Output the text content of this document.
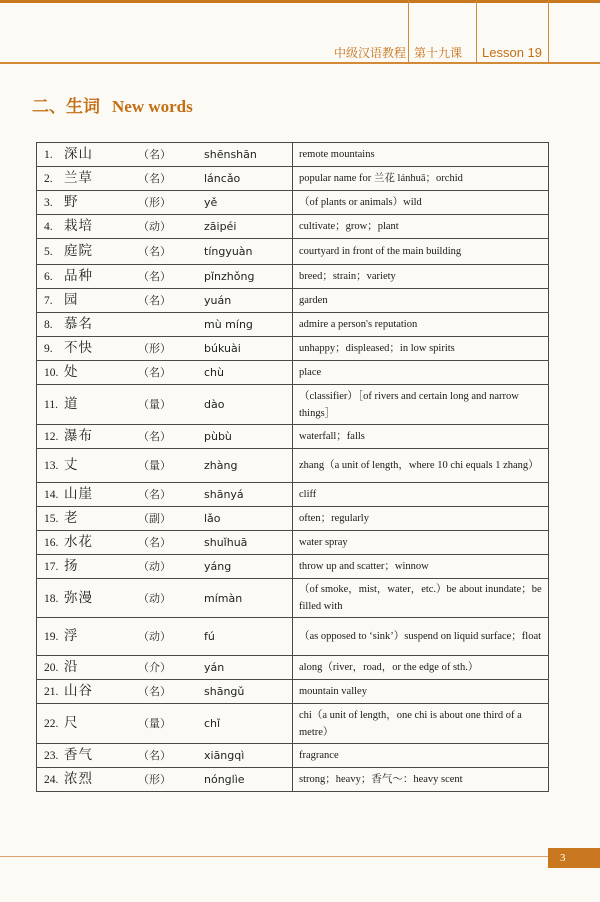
中级汉语教程 第十九课 Lesson 19
二、生词 New words
1. 深山 （名） shēnshān	remote mountains
2. 兰草 （名） láncǎo	popular name for 兰花 lánhuā；orchid
3. 野 （形） yě	（of plants or animals）wild
4. 栽培 （动） zāipéi	cultivate；grow；plant
5. 庭院 （名） tíngyuàn	courtyard in front of the main building
6. 品种 （名） pǐnzhǒng	breed；strain；variety
7. 园 （名） yuán	garden
8. 慕名 mù míng	admire a person's reputation
9. 不快 （形） búkuài	unhappy；displeased；in low spirits
10. 处 （名） chù	place
11. 道 （量） dào	（classifier）［of rivers and certain long and narrow things］
12. 瀑布 （名） pùbù	waterfall；falls
13. 丈 （量） zhàng	zhang（a unit of length，where 10 chi equals 1 zhang）
14. 山崖 （名） shānyá	cliff
15. 老 （副） lǎo	often；regularly
16. 水花 （名） shuǐhuā	water spray
17. 扬 （动） yáng	throw up and scatter；winnow
18. 弥漫 （动） mímàn	（of smoke，mist，water，etc.）be about inundate；be filled with
19. 浮 （动） fú	（as opposed to ‘sink’）suspend on liquid surface；float
20. 沿 （介） yán	along（river，road，or the edge of sth.）
21. 山谷 （名） shāngǔ	mountain valley
22. 尺 （量） chǐ	chi（a unit of length，one chi is about one third of a metre）
23. 香气 （名） xiāngqì	fragrance
24. 浓烈 （形） nónglìe	strong；heavy；香气～：heavy scent
3
